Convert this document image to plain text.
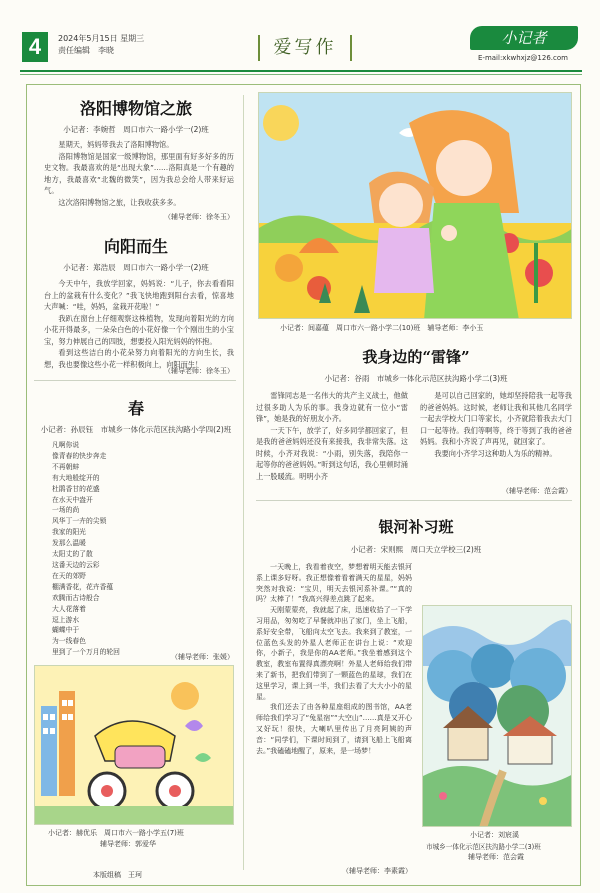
4	2024年5月15日 星期三
责任编辑　李晓	爱写作	小记者
E-mail:xkwhxjz@126.com
洛阳博物馆之旅
小记者：李婉哲　周口市六一路小学一(2)班

星期天，妈妈带我去了洛阳博物馆。

洛阳博物馆是国家一级博物馆，那里面有好多好多的历史文物。我最喜欢的是“出现大象”……洛阳真是一个有趣的地方，我最喜欢“北魏的微笑”，因为我总会给人带来好运气。

这次洛阳博物馆之旅，让我收获多多。

（辅导老师：徐冬玉）
向阳而生
小记者：郑浩辰　周口市六一路小学一(2)班

今天中午，我放学回家，妈妈说：“儿子，你去看看阳台上的盆栽有什么变化？”我飞快地跑到阳台去看，惊喜地大声喊：“哇，妈妈，盆栽开花啦！”

我趴在窗台上仔细观察这株植物，发现向着阳光的方向小花开得最多，一朵朵白色的小花好像一个个刚出生的小宝宝，努力伸展自己的四肢，想要投入阳光妈妈的怀抱。

看到这些洁白的小花朵努力向着阳光的方向生长，我想，我也要像这些小花一样积极向上，向阳而生！

（辅导老师：徐冬玉）
春
小记者：孙辰钰　市城乡一体化示范区扶沟路小学四(2)班
凡啊你说
像青春的快步奔走
不再朝蚌
有大地般绽开的
杜鹃香甘的花盛
在水天中盎开
一场的尚
风华丁一卉的尖锁
我家的阳光
发那么温暖
太阳丈的了散
这番天边的云彩
在天的郊野
棚满香花，花卉香蕴
欢腾而古诗般合
大人花落着
逗上游水
蝴蝶中于
为一线春色
里到了一个万月的轮回
（辅导老师：张媛）
小记者：赫优乐　周口市六一路小学五(7)班
辅导老师：郭爱华
本版组稿　王珂
小记者：间嘉蕴　周口市六一路小学二(10)班　辅导老师：李小玉
我身边的“雷锋”
小记者：谷雨　市城乡一体化示范区扶沟路小学二(3)班

雷锋同志是一名伟大的共产主义战士，他做过很多助人为乐的事。我身边就有一位小“雷锋”，她是我的好朋友小齐。

一天下午，放学了，好多同学都回家了，但是我的爸爸妈妈还没有来接我，我非常失落。这时候，小齐对我说：“小雨，别失落，我陪你一起等你的爸爸妈妈。”听到这句话，我心里顿时涌上一股暖流。明明小齐

是可以自己回家的，她却坚持陪我一起等我的爸爸妈妈。这时候，老师让我和其他几名同学一起去学校大门口等家长，小齐就陪着我去大门口一起等待。我们等啊等，终于等到了我的爸爸妈妈。我和小齐说了声再见，就回家了。

我要向小齐学习这种助人为乐的精神。

（辅导老师：范会霞）
银河补习班
小记者：宋则熙　周口天立学校三(2)班

一天晚上，我看着夜空，梦想着明天能去银河系上课多好呀。我正想像着看着满天的星星，妈妈突然对我说：“宝贝，明天去银河系补课。”“真的吗？太棒了！”我高兴得差点跳了起来。

天刚蒙蒙亮，我就起了床，迅速收拾了一下学习用品，匆匆吃了早餐就冲出了家门，坐上飞船，系好安全带，飞船向太空飞去。我来到了教室，一位蓝色头发的外星人老师正在讲台上说：“欢迎你，小新子，我是你的AA老师。”我坐着感到这个教室，教室布置得真漂亮啊！外星人老师给我们带来了新书，把我们带到了一颗蓝色的星球，我们在这里学习，课上到一半，我们去看了大大小小的星星。

我们还去了由各种星座组成的图书馆，AA老师给我们学习了“兔星宿”“大空山”……真是又开心又好玩！很快，大喇叭里传出了月亮阿姨的声音：“同学们，下课时间到了，请到飞船上飞船离去。”我磕磕地醒了，原来，是一场梦！

（辅导老师：李素霞）
小记者：刘宸溪
市城乡一体化示范区扶沟路小学二(3)班
辅导老师：范会霞
